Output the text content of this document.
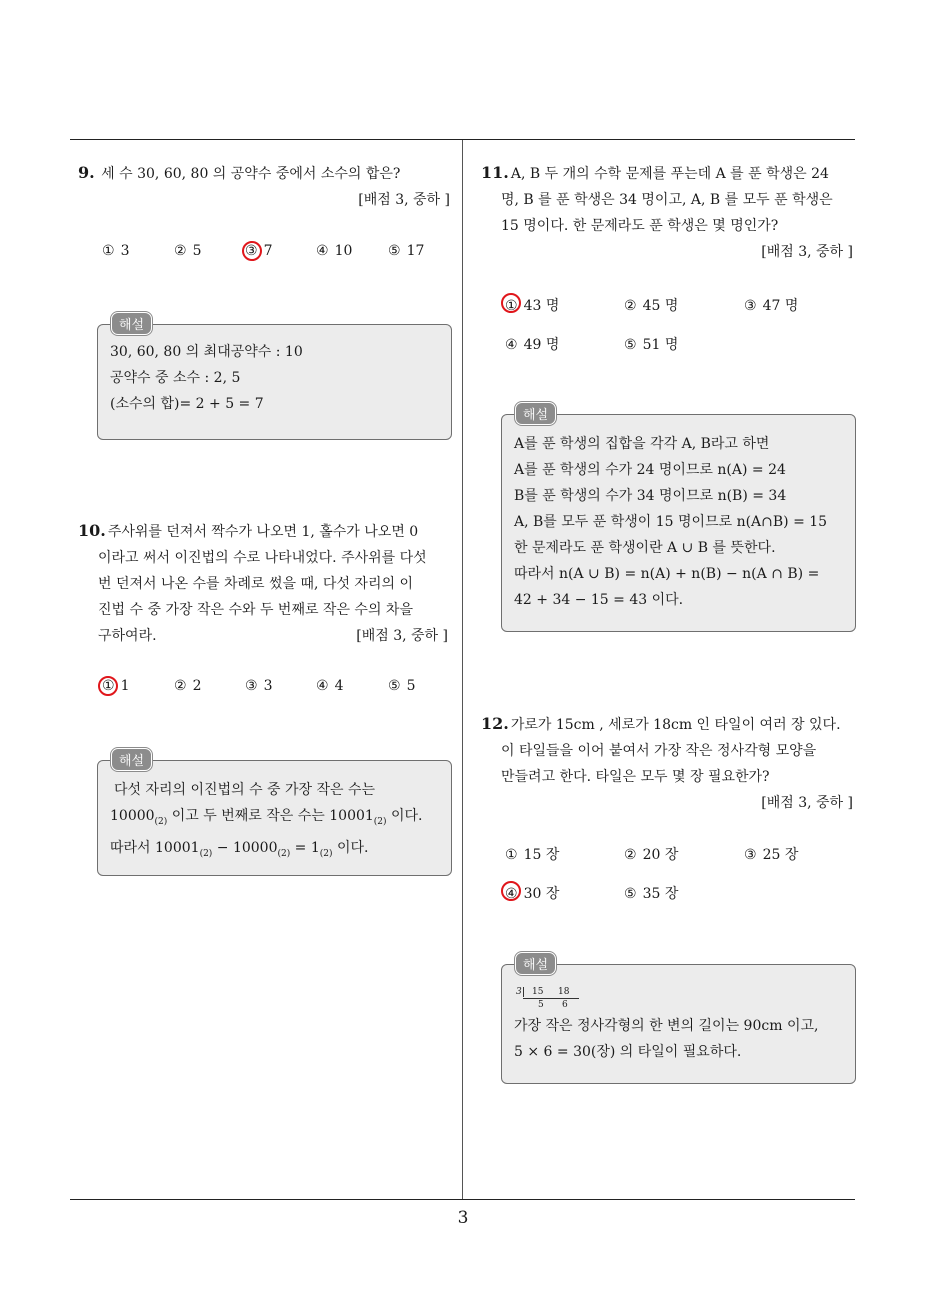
9. 세 수 30, 60, 80 의 공약수 중에서 소수의 합은?
[배점 3, 중하 ]
① 3	② 5	③ 7	④ 10	⑤ 17
30, 60, 80 의 최대공약수 : 10
공약수 중 소수 : 2, 5
(소수의 합)= 2 + 5 = 7
해설
10. 주사위를 던져서 짝수가 나오면 1, 홀수가 나오면 0
이라고 써서 이진법의 수로 나타내었다. 주사위를 다섯
번 던져서 나온 수를 차례로 썼을 때, 다섯 자리의 이
진법 수 중 가장 작은 수와 두 번째로 작은 수의 차을
구하여라.	[배점 3, 중하 ]
① 1	② 2	③ 3	④ 4	⑤ 5
다섯 자리의 이진법의 수 중 가장 작은 수는
$10000_{(2)}$ 이고 두 번째로 작은 수는 $10001_{(2)}$ 이다.
따라서 $10001_{(2)} - 10000_{(2)} = 1_{(2)}$ 이다.
해설
11. A, B 두 개의 수학 문제를 푸는데 A 를 푼 학생은 24
명, B 를 푼 학생은 34 명이고, A, B 를 모두 푼 학생은
15 명이다. 한 문제라도 푼 학생은 몇 명인가?
[배점 3, 중하 ]
① 43 명	② 45 명	③ 47 명
④ 49 명	⑤ 51 명
A를 푼 학생의 집합을 각각 A, B라고 하면
A를 푼 학생의 수가 24 명이므로 n(A) = 24
B를 푼 학생의 수가 34 명이므로 n(B) = 34
A, B를 모두 푼 학생이 15 명이므로 n(A∩B) = 15
한 문제라도 푼 학생이란 A ∪ B 를 뜻한다.
따라서 n(A ∪ B) = n(A) + n(B) − n(A ∩ B) =
42 + 34 − 15 = 43 이다.
해설
12. 가로가 15cm , 세로가 18cm 인 타일이 여러 장 있다.
이 타일들을 이어 붙여서 가장 작은 정사각형 모양을
만들려고 한다. 타일은 모두 몇 장 필요한가?
[배점 3, 중하 ]
① 15 장	② 20 장	③ 25 장
④ 30 장	⑤ 35 장
3 15 18
5 6
가장 작은 정사각형의 한 변의 길이는 90cm 이고,
5 × 6 = 30(장) 의 타일이 필요하다.
해설
3
